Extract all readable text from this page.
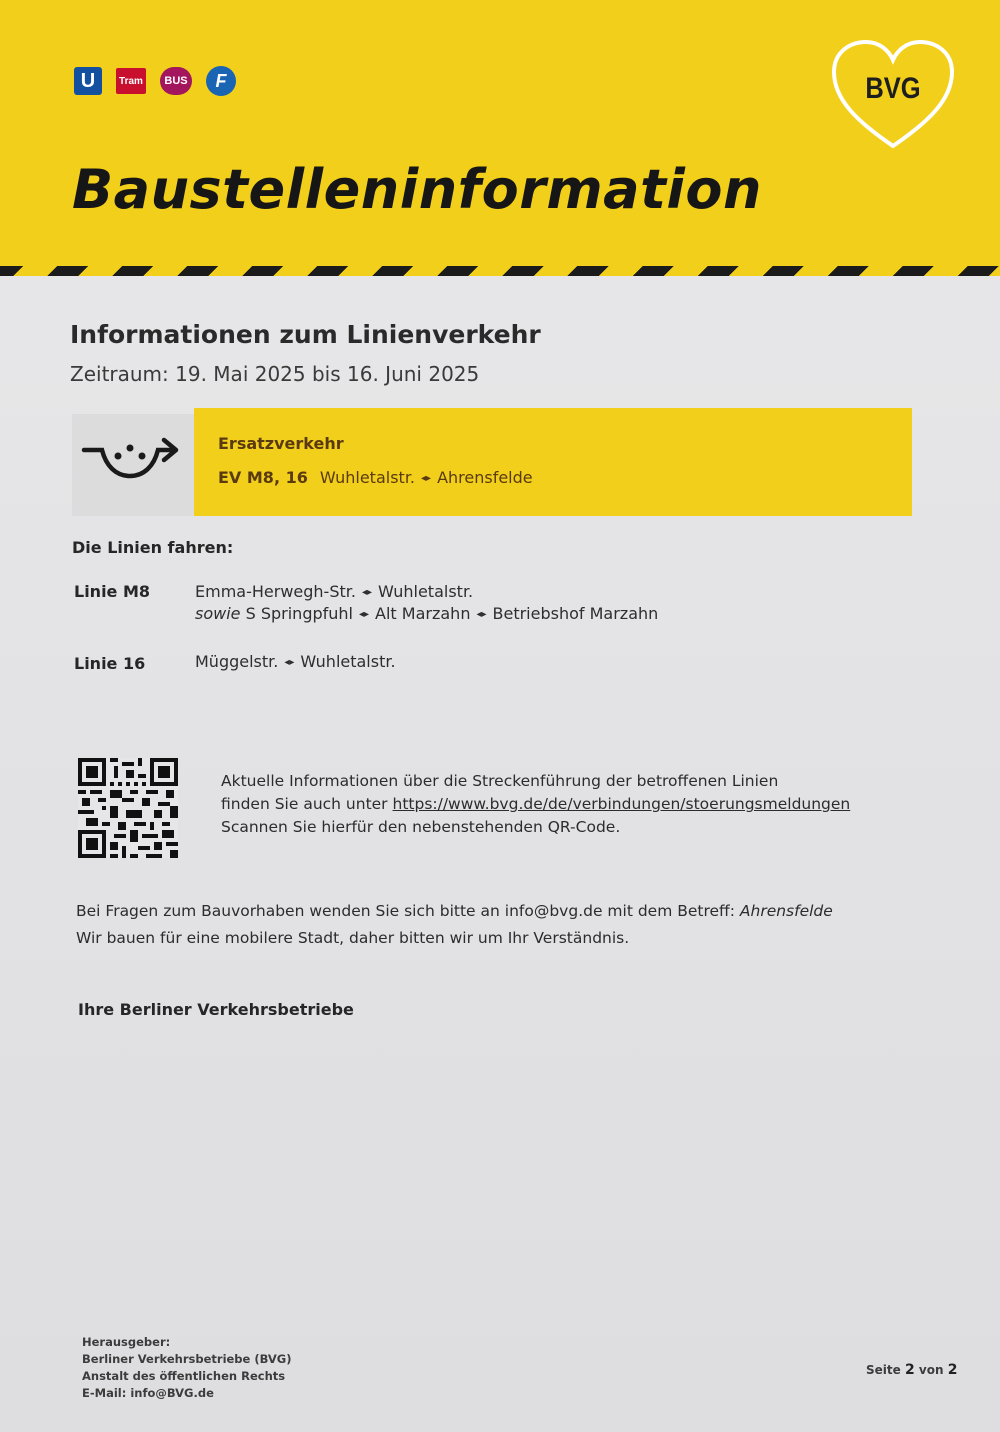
U	Tram	BUS	F	BVG
Baustelleninformation
Informationen zum Linienverkehr
Zeitraum: 19. Mai 2025 bis 16. Juni 2025
Ersatzverkehr
EV M8, 16 Wuhletalstr. ◂▸ Ahrensfelde
Die Linien fahren:
Linie M8	Emma-Herwegh-Str. ◂▸ Wuhletalstr.
sowie S Springpfuhl ◂▸ Alt Marzahn ◂▸ Betriebshof Marzahn
Linie 16	Müggelstr. ◂▸ Wuhletalstr.
Aktuelle Informationen über die Streckenführung der betroffenen Linien
finden Sie auch unter https://www.bvg.de/de/verbindungen/stoerungsmeldungen
Scannen Sie hierfür den nebenstehenden QR-Code.
Bei Fragen zum Bauvorhaben wenden Sie sich bitte an info@bvg.de mit dem Betreff: Ahrensfelde
Wir bauen für eine mobilere Stadt, daher bitten wir um Ihr Verständnis.
Ihre Berliner Verkehrsbetriebe
Herausgeber:
Berliner Verkehrsbetriebe (BVG)
Anstalt des öffentlichen Rechts
E-Mail: info@BVG.de
Seite 2 von 2
